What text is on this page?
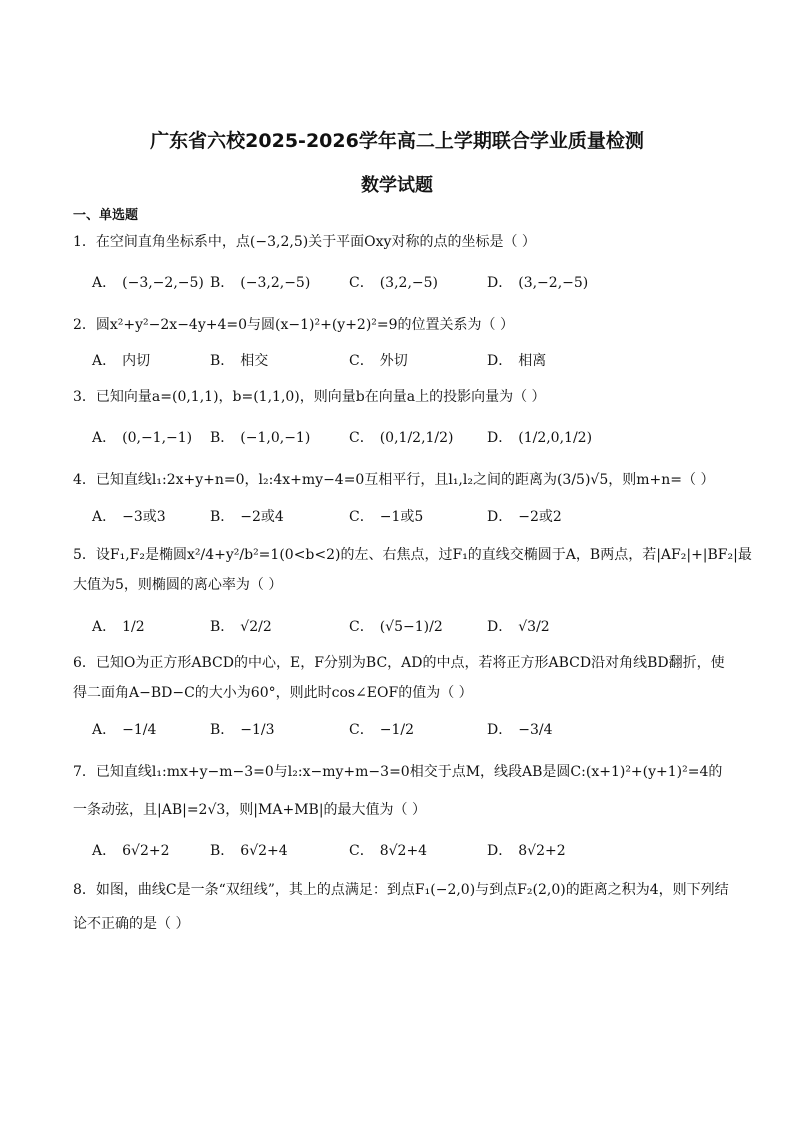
广东省六校2025-2026学年高二上学期联合学业质量检测
数学试题
一、单选题
1．在空间直角坐标系中，点(−3,2,5)关于平面Oxy对称的点的坐标是（ ）
A． (−3,−2,−5) B． (−3,2,−5)	C． (3,2,−5)	D． (3,−2,−5)
2．圆x²+y²−2x−4y+4=0与圆(x−1)²+(y+2)²=9的位置关系为（ ）
A． 内切	B． 相交	C． 外切	D． 相离
3．已知向量a=(0,1,1)，b=(1,1,0)，则向量b在向量a上的投影向量为（ ）
A． (0,−1,−1) B． (−1,0,−1)	C． (0,1/2,1/2) D． (1/2,0,1/2)
4．已知直线l₁:2x+y+n=0，l₂:4x+my−4=0互相平行，且l₁,l₂之间的距离为(3/5)√5，则m+n=（ ）
A． −3或3	B． −2或4	C． −1或5	D． −2或2
5．设F₁,F₂是椭圆x²/4+y²/b²=1(0<b<2)的左、右焦点，过F₁的直线交椭圆于A，B两点，若|AF₂|+|BF₂|最
大值为5，则椭圆的离心率为（ ）
A． 1/2	B． √2/2	C． (√5−1)/2	D． √3/2
6．已知O为正方形ABCD的中心，E，F分别为BC，AD的中点，若将正方形ABCD沿对角线BD翻折，使
得二面角A−BD−C的大小为60°，则此时cos∠EOF的值为（ ）
A． −1/4	B． −1/3	C． −1/2	D． −3/4
7．已知直线l₁:mx+y−m−3=0与l₂:x−my+m−3=0相交于点M，线段AB是圆C:(x+1)²+(y+1)²=4的
一条动弦，且|AB|=2√3，则|MA+MB|的最大值为（ ）
A． 6√2+2	B． 6√2+4	C． 8√2+4	D． 8√2+2
8．如图，曲线C是一条“双纽线”，其上的点满足：到点F₁(−2,0)与到点F₂(2,0)的距离之积为4，则下列结
论不正确的是（ ）
